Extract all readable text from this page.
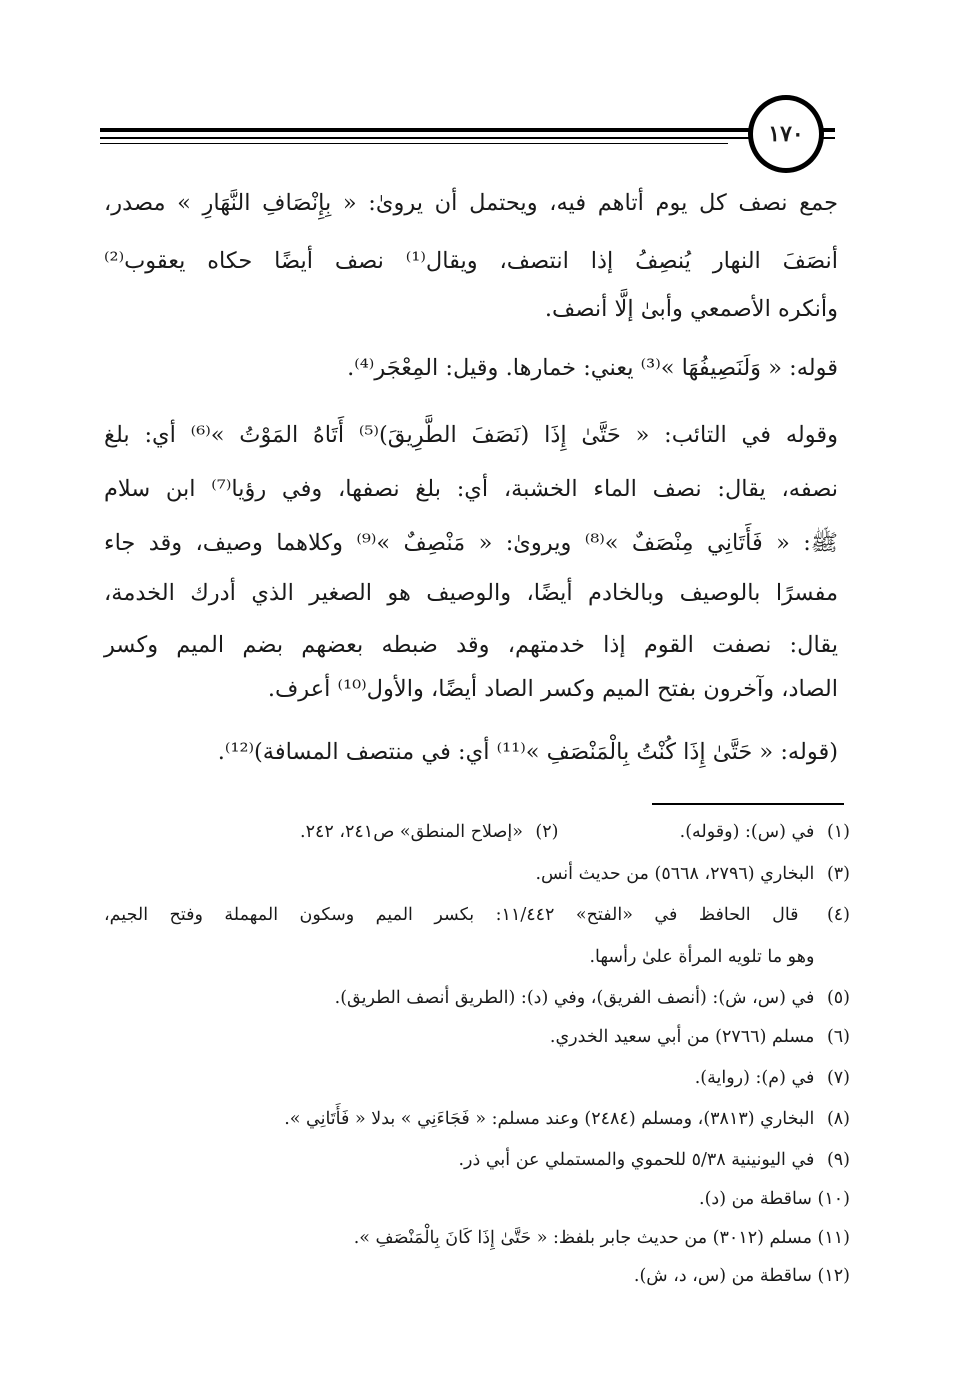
١٧٠
جمع نصف كل يوم أتاهم فيه، ويحتمل أن يروىٰ: « بِإِنْصَافِ النَّهَارِ » مصدر،
أنصَفَ النهار يُنصِفُ إذا انتصف، ويقال⁽¹⁾ نصف أيضًا حكاه يعقوب⁽²⁾
وأنكره الأصمعي وأبىٰ إلَّا أنصف.
قوله: « وَلَنَصِيفُهَا »⁽³⁾ يعني: خمارها. وقيل: المِعْجَر⁽⁴⁾.
وقوله في التائب: « حَتَّىٰ إِذَا (نَصَفَ الطَّرِيقَ)⁽⁵⁾ أَتَاهُ المَوْتُ »⁽⁶⁾ أي: بلغ
نصفه، يقال: نصف الماء الخشبة، أي: بلغ نصفها، وفي رؤيا⁽⁷⁾ ابن سلام
ﷺ: « فَأَتَانِي مِنْصَفٌ »⁽⁸⁾ ويروىٰ: « مَنْصِفٌ »⁽⁹⁾ وكلاهما وصيف، وقد جاء
مفسرًا بالوصيف وبالخادم أيضًا، والوصيف هو الصغير الذي أدرك الخدمة،
يقال: نصفت القوم إذا خدمتهم، وقد ضبطه بعضهم بضم الميم وكسر
الصاد، وآخرون بفتح الميم وكسر الصاد أيضًا، والأول⁽¹⁰⁾ أعرف.
(قوله: « حَتَّىٰ إِذَا كُنْتُ بِالْمَنْصَفِ »⁽¹¹⁾ أي: في منتصف المسافة)⁽¹²⁾.
(١) في (س): (وقوله).  (٢) «إصلاح المنطق» ص٢٤١، ٢٤٢.
(٣) البخاري (٢٧٩٦، ٥٦٦٨) من حديث أنس.
(٤) قال الحافظ في «الفتح» ١١/٤٤٢: بكسر الميم وسكون المهملة وفتح الجيم،
وهو ما تلويه المرأة علىٰ رأسها.
(٥) في (س، ش): (أنصف الفريق)، وفي (د): (الطريق أنصف الطريق).
(٦) مسلم (٢٧٦٦) من أبي سعيد الخدري.
(٧) في (م): (رواية).
(٨) البخاري (٣٨١٣)، ومسلم (٢٤٨٤) وعند مسلم: « فَجَاءَنِي » بدلا « فَأَتَانِي ».
(٩) في اليونينية ٥/٣٨ للحموي والمستملي عن أبي ذر.
(١٠) ساقطة من (د).
(١١) مسلم (٣٠١٢) من حديث جابر بلفظ: « حَتَّىٰ إِذَا كَانَ بِالْمَنْصَفِ ».
(١٢) ساقطة من (س، د، ش).
